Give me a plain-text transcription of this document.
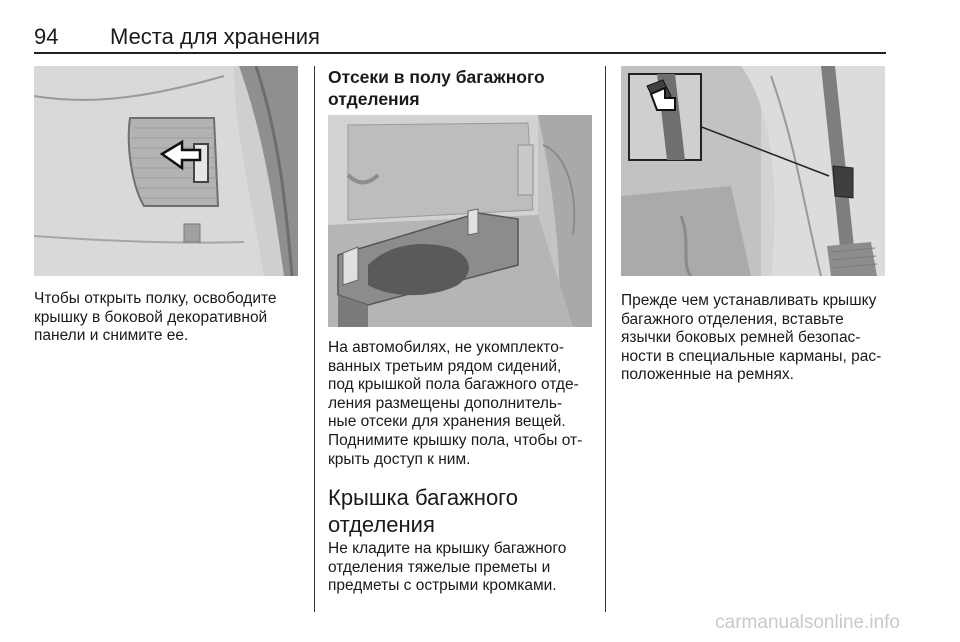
94 Места для хранения

Чтобы открыть полку, освободите
крышку в боковой декоративной
панели и снимите ее.

Отсеки в полу багажного
отделения

На автомобилях, не укомплекто-
ванных третьим рядом сидений,
под крышкой пола багажного отде-
ления размещены дополнитель-
ные отсеки для хранения вещей.
Поднимите крышку пола, чтобы от-
крыть доступ к ним.

Крышка багажного
отделения

Не кладите на крышку багажного
отделения тяжелые преметы и
предметы с острыми кромками.

Прежде чем устанавливать крышку
багажного отделения, вставьте
язычки боковых ремней безопас-
ности в специальные карманы, рас-
положенные на ремнях.

carmanualsonline.info
